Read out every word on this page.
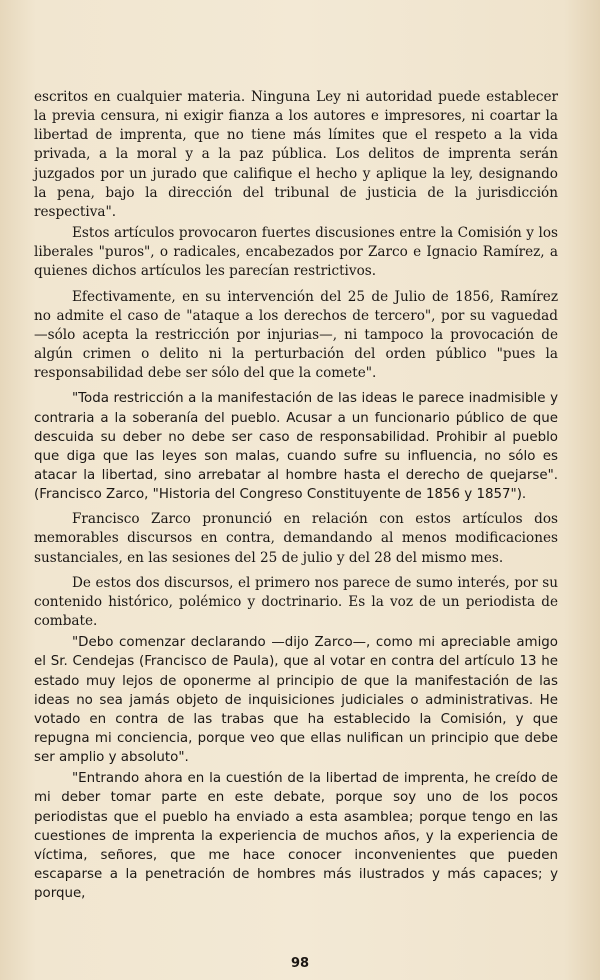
escritos en cualquier materia. Ninguna Ley ni autoridad puede establecer la previa censura, ni exigir fianza a los autores e impresores, ni coartar la libertad de imprenta, que no tiene más límites que el respeto a la vida privada, a la moral y a la paz pública. Los delitos de imprenta serán juzgados por un jurado que califique el hecho y aplique la ley, designando la pena, bajo la dirección del tribunal de justicia de la jurisdicción respectiva".

Estos artículos provocaron fuertes discusiones entre la Comisión y los liberales "puros", o radicales, encabezados por Zarco e Ignacio Ramírez, a quienes dichos artículos les parecían restrictivos.

Efectivamente, en su intervención del 25 de Julio de 1856, Ramírez no admite el caso de "ataque a los derechos de tercero", por su vaguedad —sólo acepta la restricción por injurias—, ni tampoco la provocación de algún crimen o delito ni la perturbación del orden público "pues la responsabilidad debe ser sólo del que la comete".

"Toda restricción a la manifestación de las ideas le parece inadmisible y contraria a la soberanía del pueblo. Acusar a un funcionario público de que descuida su deber no debe ser caso de responsabilidad. Prohibir al pueblo que diga que las leyes son malas, cuando sufre su influencia, no sólo es atacar la libertad, sino arrebatar al hombre hasta el derecho de quejarse". (Francisco Zarco, "Historia del Congreso Constituyente de 1856 y 1857").

Francisco Zarco pronunció en relación con estos artículos dos memorables discursos en contra, demandando al menos modificaciones sustanciales, en las sesiones del 25 de julio y del 28 del mismo mes.

De estos dos discursos, el primero nos parece de sumo interés, por su contenido histórico, polémico y doctrinario. Es la voz de un periodista de combate.

"Debo comenzar declarando —dijo Zarco—, como mi apreciable amigo el Sr. Cendejas (Francisco de Paula), que al votar en contra del artículo 13 he estado muy lejos de oponerme al principio de que la manifestación de las ideas no sea jamás objeto de inquisiciones judiciales o administrativas. He votado en contra de las trabas que ha establecido la Comisión, y que repugna mi conciencia, porque veo que ellas nulifican un principio que debe ser amplio y absoluto".

"Entrando ahora en la cuestión de la libertad de imprenta, he creído de mi deber tomar parte en este debate, porque soy uno de los pocos periodistas que el pueblo ha enviado a esta asamblea; porque tengo en las cuestiones de imprenta la experiencia de muchos años, y la experiencia de víctima, señores, que me hace conocer inconvenientes que pueden escaparse a la penetración de hombres más ilustrados y más capaces; y porque,

98
